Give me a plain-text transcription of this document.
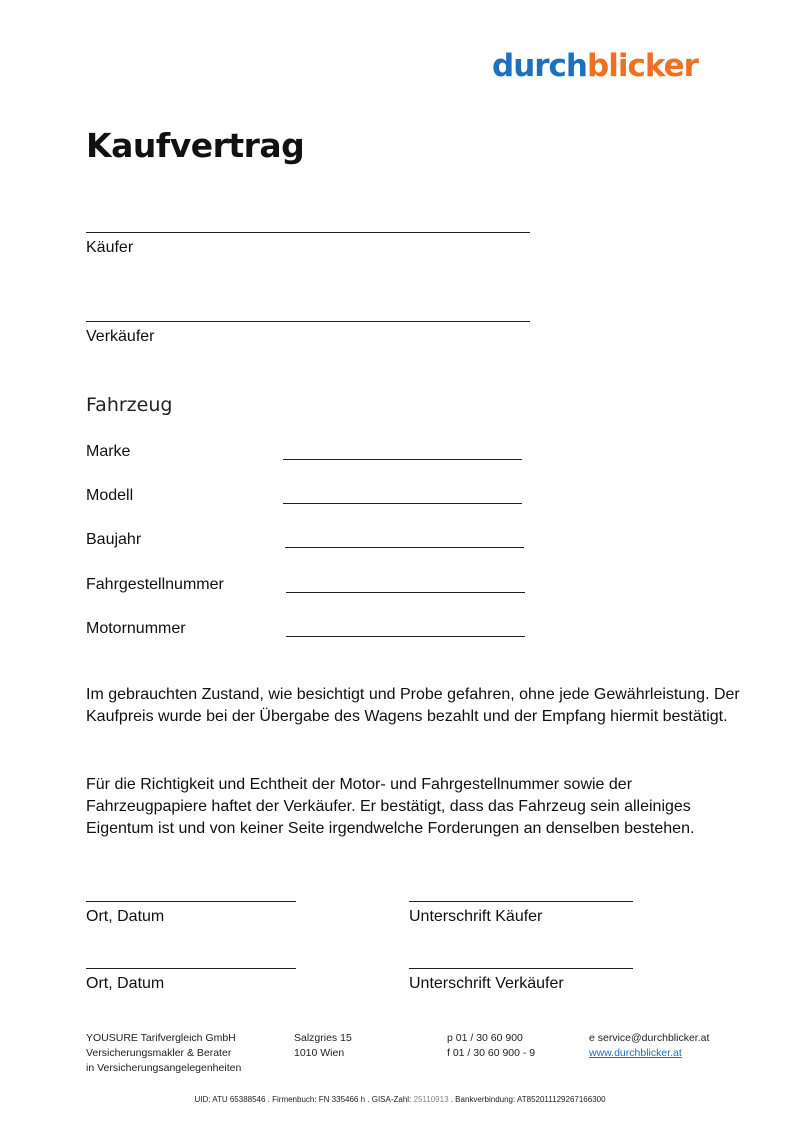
durchblicker
Kaufvertrag
Käufer
Verkäufer
Fahrzeug
Marke
Modell
Baujahr
Fahrgestellnummer
Motornummer

Im gebrauchten Zustand, wie besichtigt und Probe gefahren, ohne jede Gewährleistung. Der Kaufpreis wurde bei der Übergabe des Wagens bezahlt und der Empfang hiermit bestätigt.

Für die Richtigkeit und Echtheit der Motor- und Fahrgestellnummer sowie der Fahrzeugpapiere haftet der Verkäufer. Er bestätigt, dass das Fahrzeug sein alleiniges Eigentum ist und von keiner Seite irgendwelche Forderungen an denselben bestehen.

Ort, Datum	Unterschrift Käufer
Ort, Datum	Unterschrift Verkäufer
YOUSURE Tarifvergleich GmbH
Versicherungsmakler & Berater
in Versicherungsangelegenheiten
Salzgries 15
1010 Wien
p 01 / 30 60 900
f 01 / 30 60 900 - 9
e service@durchblicker.at
www.durchblicker.at
UID: ATU 65388546 . Firmenbuch: FN 335466 h . GISA-Zahl: 25110913 . Bankverbindung: AT852011129267166300
